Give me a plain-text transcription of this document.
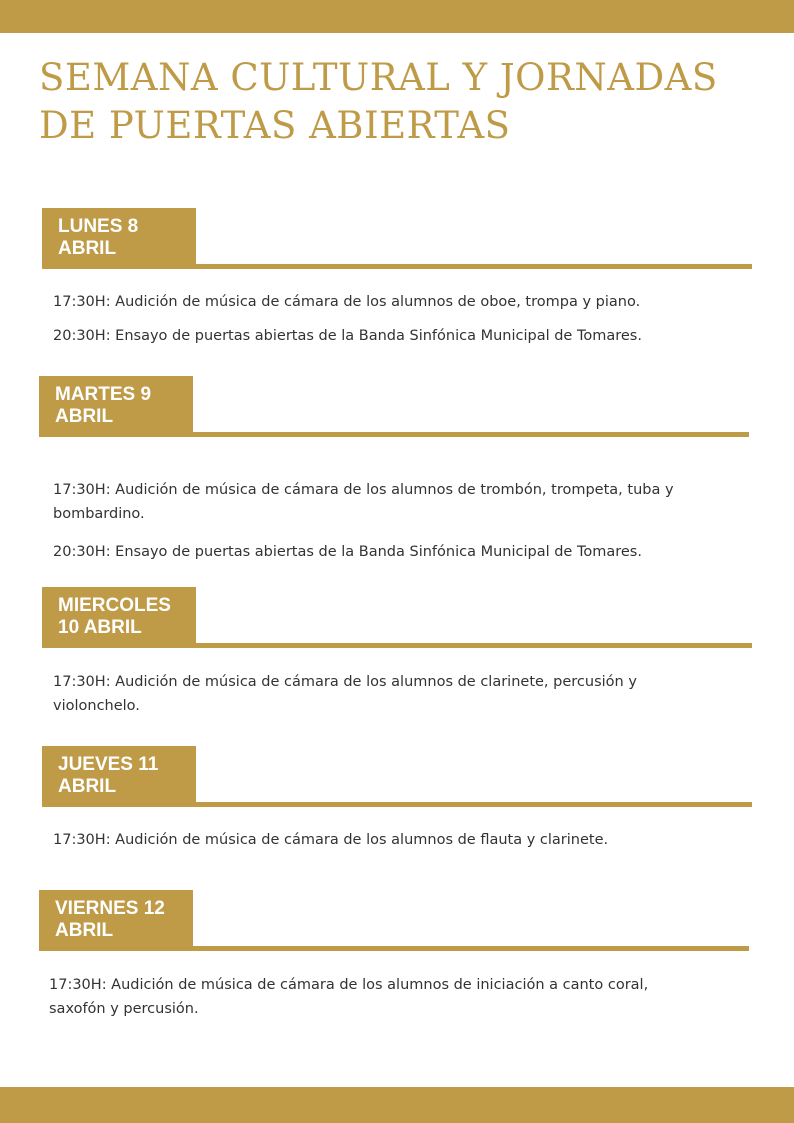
SEMANA CULTURAL Y JORNADAS
DE PUERTAS ABIERTAS
LUNES 8
ABRIL

17:30H: Audición de música de cámara de los alumnos de oboe, trompa y piano.

20:30H: Ensayo de puertas abiertas de la Banda Sinfónica Municipal de Tomares.

MARTES 9
ABRIL

17:30H: Audición de música de cámara de los alumnos de trombón, trompeta, tuba y bombardino.

20:30H: Ensayo de puertas abiertas de la Banda Sinfónica Municipal de Tomares.

MIERCOLES
10 ABRIL

17:30H: Audición de música de cámara de los alumnos de clarinete, percusión y violonchelo.

JUEVES 11
ABRIL

17:30H: Audición de música de cámara de los alumnos de flauta y clarinete.

VIERNES 12
ABRIL

17:30H: Audición de música de cámara de los alumnos de iniciación a canto coral, saxofón y percusión.
